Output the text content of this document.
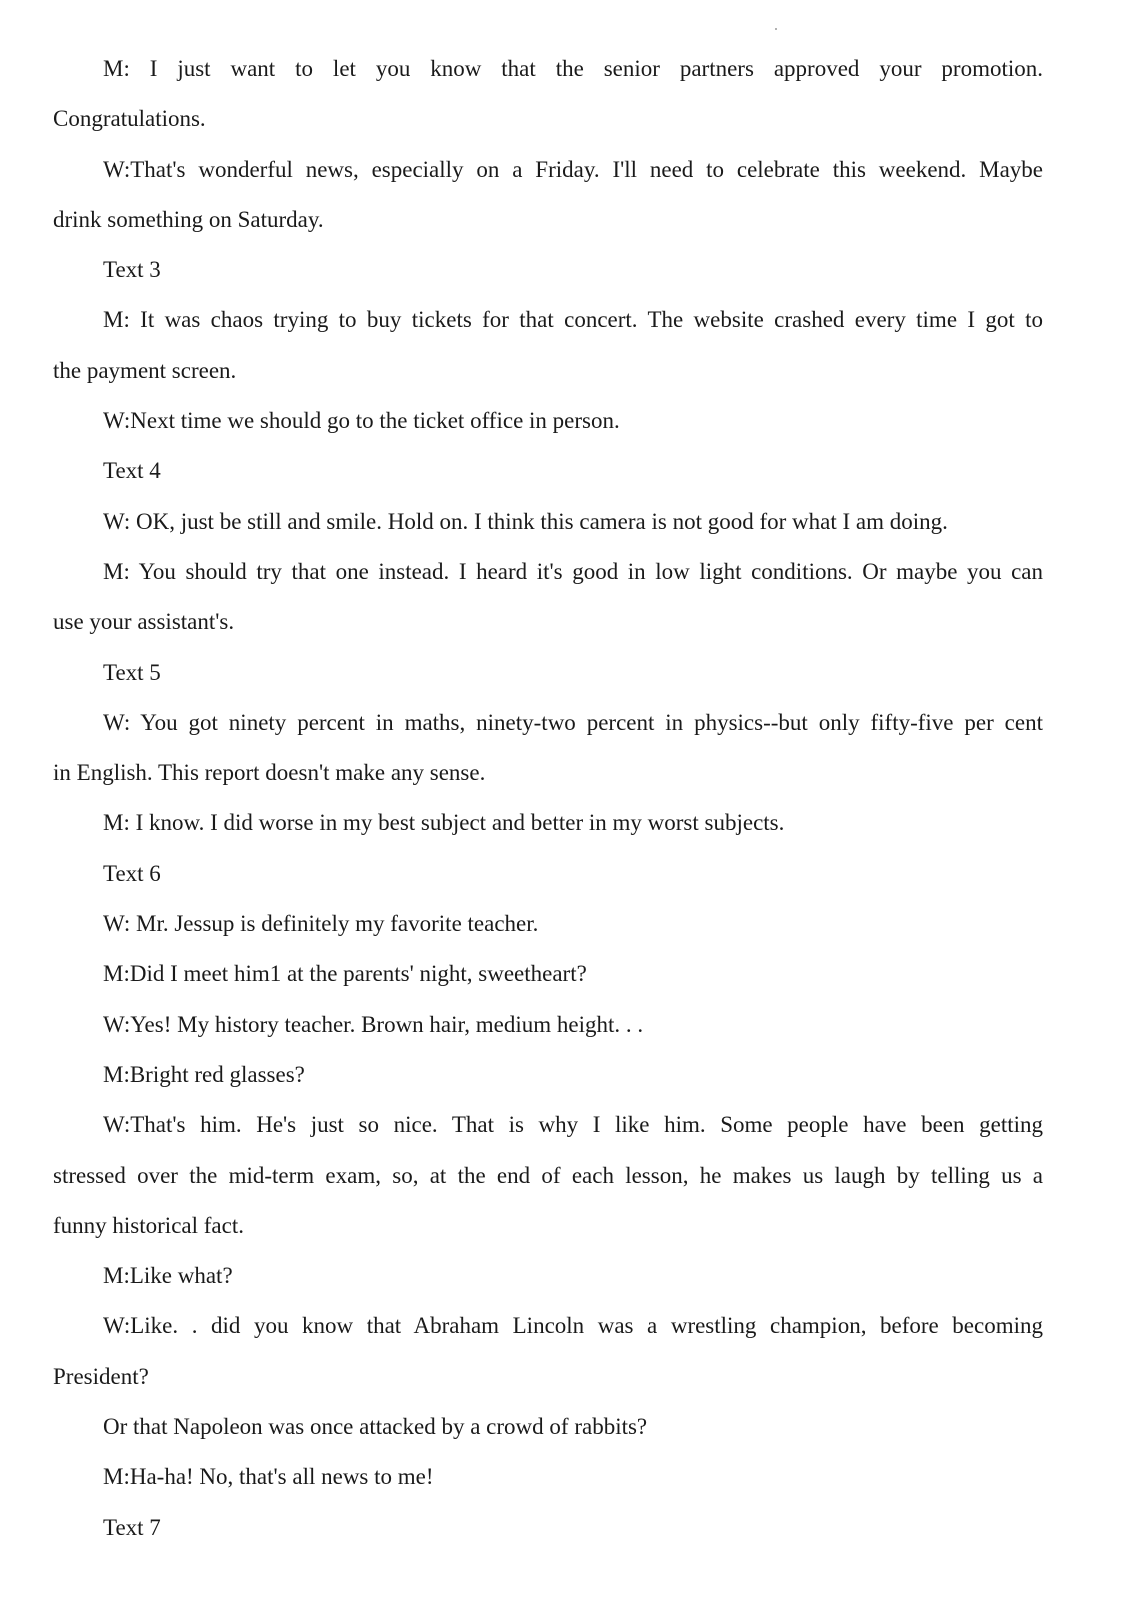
M: I just want to let you know that the senior partners approved your promotion.
Congratulations.
W:That's wonderful news, especially on a Friday. I'll need to celebrate this weekend. Maybe
drink something on Saturday.
Text 3
M: It was chaos trying to buy tickets for that concert. The website crashed every time I got to
the payment screen.
W:Next time we should go to the ticket office in person.
Text 4
W: OK, just be still and smile. Hold on. I think this camera is not good for what I am doing.
M: You should try that one instead. I heard it's good in low light conditions. Or maybe you can
use your assistant's.
Text 5
W: You got ninety percent in maths, ninety-two percent in physics--but only fifty-five per cent
in English. This report doesn't make any sense.
M: I know. I did worse in my best subject and better in my worst subjects.
Text 6
W: Mr. Jessup is definitely my favorite teacher.
M:Did I meet him1 at the parents' night, sweetheart?
W:Yes! My history teacher. Brown hair, medium height. . .
M:Bright red glasses?
W:That's him. He's just so nice. That is why I like him. Some people have been getting
stressed over the mid-term exam, so, at the end of each lesson, he makes us laugh by telling us a
funny historical fact.
M:Like what?
W:Like. . did you know that Abraham Lincoln was a wrestling champion, before becoming
President?
Or that Napoleon was once attacked by a crowd of rabbits?
M:Ha-ha! No, that's all news to me!
Text 7
